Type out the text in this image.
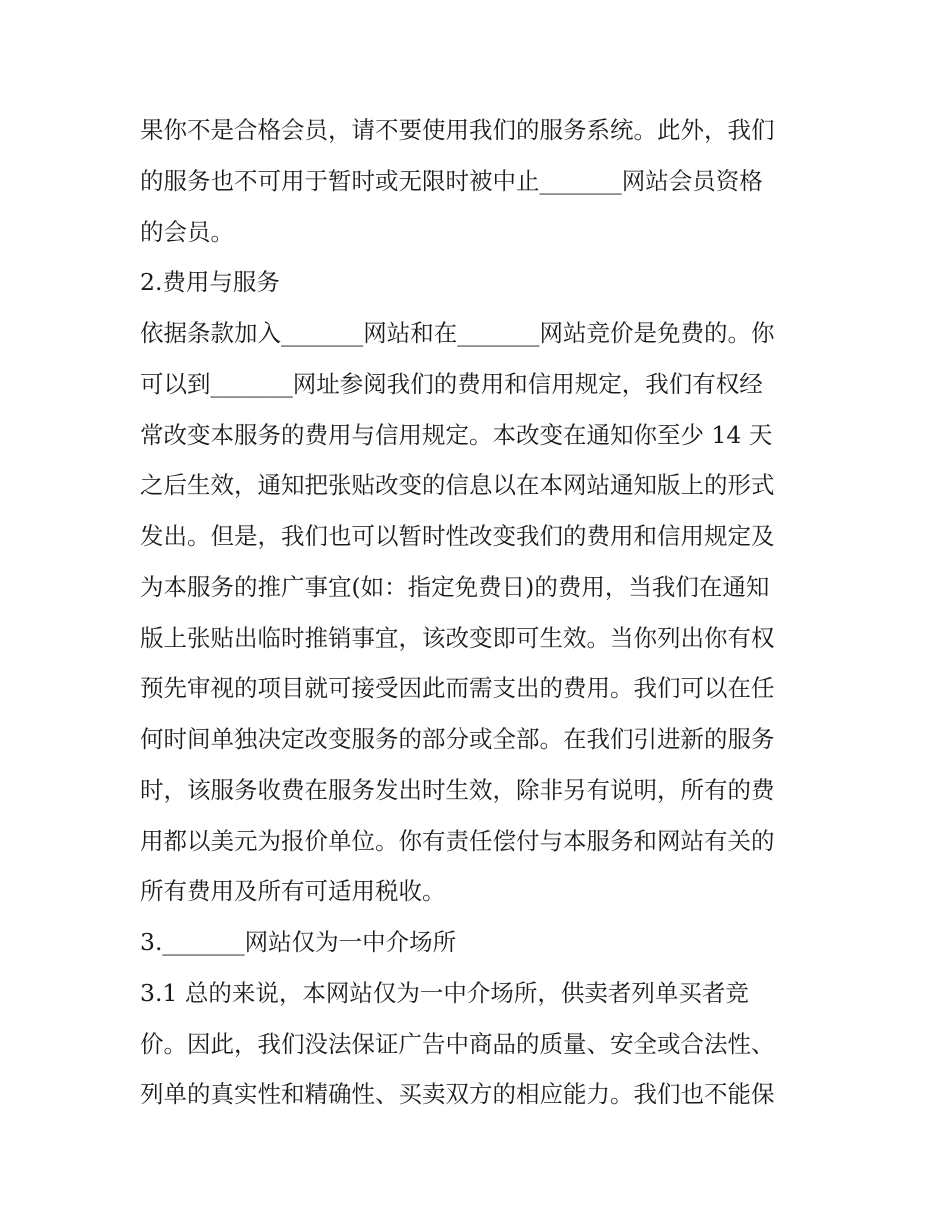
果你不是合格会员，请不要使用我们的服务系统。此外，我们
的服务也不可用于暂时或无限时被中止_______网站会员资格
的会员。
2.费用与服务
依据条款加入_______网站和在_______网站竞价是免费的。你
可以到_______网址参阅我们的费用和信用规定，我们有权经
常改变本服务的费用与信用规定。本改变在通知你至少 14 天
之后生效，通知把张贴改变的信息以在本网站通知版上的形式
发出。但是，我们也可以暂时性改变我们的费用和信用规定及
为本服务的推广事宜(如：指定免费日)的费用，当我们在通知
版上张贴出临时推销事宜，该改变即可生效。当你列出你有权
预先审视的项目就可接受因此而需支出的费用。我们可以在任
何时间单独决定改变服务的部分或全部。在我们引进新的服务
时，该服务收费在服务发出时生效，除非另有说明，所有的费
用都以美元为报价单位。你有责任偿付与本服务和网站有关的
所有费用及所有可适用税收。
3._______网站仅为一中介场所
3.1 总的来说，本网站仅为一中介场所，供卖者列单买者竞
价。因此，我们没法保证广告中商品的质量、安全或合法性、
列单的真实性和精确性、买卖双方的相应能力。我们也不能保
